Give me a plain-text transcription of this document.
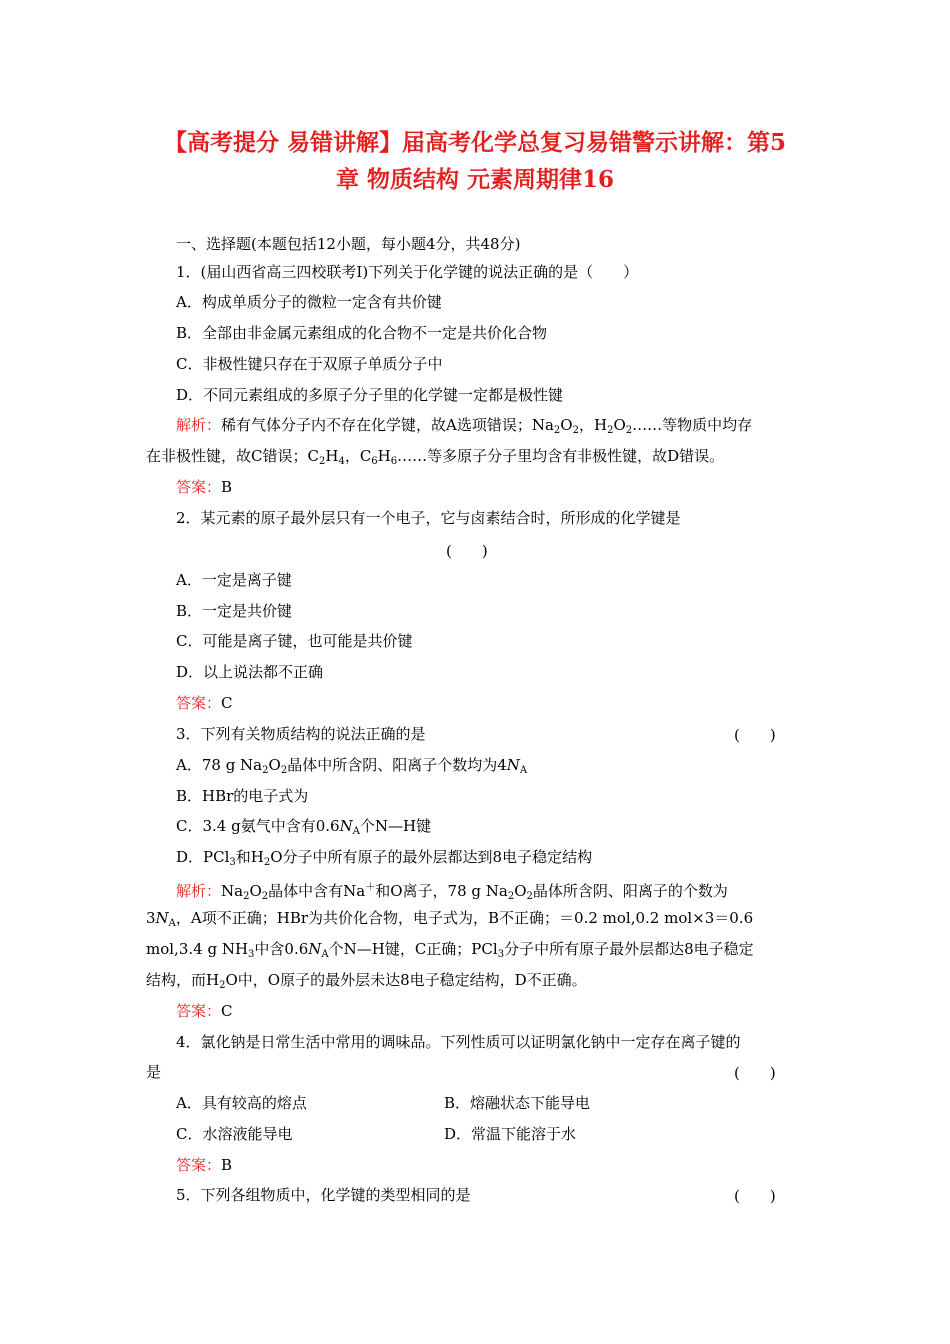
【高考提分 易错讲解】届高考化学总复习易错警示讲解：第5
章 物质结构 元素周期律16
一、选择题(本题包括12小题，每小题4分，共48分)
1．(届山西省高三四校联考Ⅰ)下列关于化学键的说法正确的是（　　）
A．构成单质分子的微粒一定含有共价键
B．全部由非金属元素组成的化合物不一定是共价化合物
C．非极性键只存在于双原子单质分子中
D．不同元素组成的多原子分子里的化学键一定都是极性键
解析：稀有气体分子内不存在化学键，故A选项错误；$Na_2O_2$，$H_2O_2\dots\dots$等物质中均存
在非极性键，故C错误；$C_2H_4$，$C_6H_6\dots\dots$等多原子分子里均含有非极性键，故D错误。
答案：B
2．某元素的原子最外层只有一个电子，它与卤素结合时，所形成的化学键是
(　　)
A．一定是离子键
B．一定是共价键
C．可能是离子键，也可能是共价键
D．以上说法都不正确
答案：C
3．下列有关物质结构的说法正确的是	(　　)
A．78 g $Na_2O_2$晶体中所含阴、阳离子个数均为$4N_A$
B．HBr的电子式为
C．3.4 g氨气中含有$0.6N_A$个N—H键
D．PCl$_3$和$H_2O$分子中所有原子的最外层都达到8电子稳定结构
解析：$Na_2O_2$晶体中含有Na＋和O离子，78 g $Na_2O_2$晶体所含阴、阳离子的个数为
$3N_A$，A项不正确；HBr为共价化合物，电子式为，B不正确；＝0.2 mol,0.2 mol×3＝0.6
mol,3.4 g $NH_3$中含$0.6N_A$个N—H键，C正确；PCl$_3$分子中所有原子最外层都达8电子稳定
结构，而$H_2O$中，O原子的最外层未达8电子稳定结构，D不正确。
答案：C
4．氯化钠是日常生活中常用的调味品。下列性质可以证明氯化钠中一定存在离子键的
是	(　　)
A．具有较高的熔点	B．熔融状态下能导电
C．水溶液能导电	D．常温下能溶于水
答案：B
5．下列各组物质中，化学键的类型相同的是	(　　)
